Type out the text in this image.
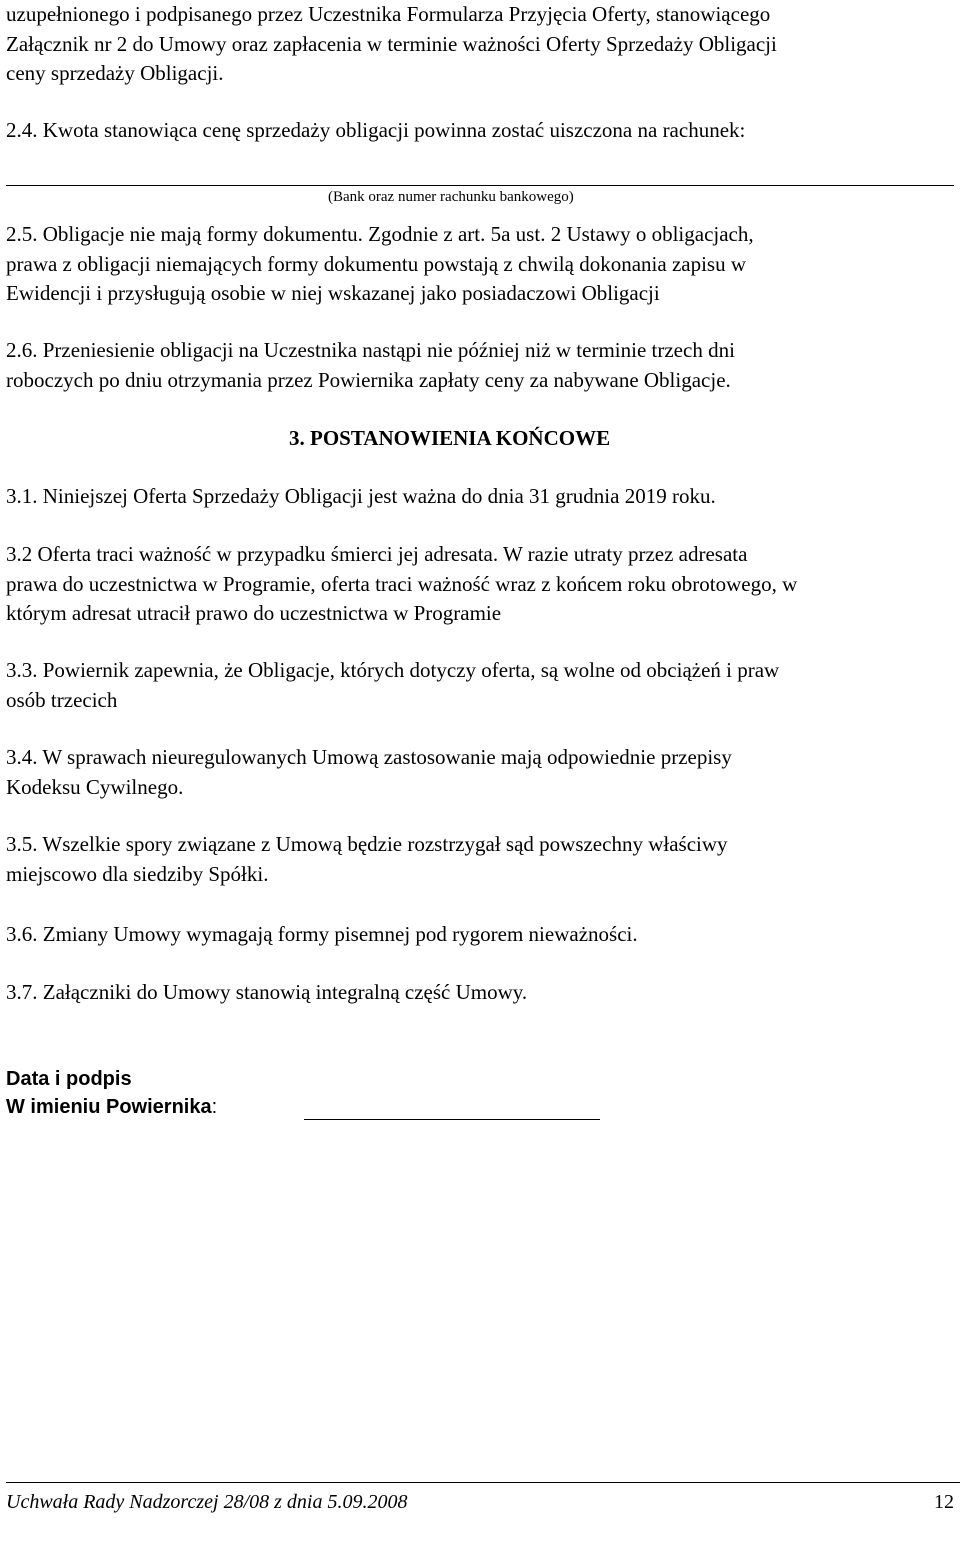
uzupełnionego i podpisanego przez Uczestnika Formularza Przyjęcia Oferty, stanowiącego
Załącznik nr 2 do Umowy oraz zapłacenia w terminie ważności Oferty Sprzedaży Obligacji
ceny sprzedaży Obligacji.
2.4. Kwota stanowiąca cenę sprzedaży obligacji powinna zostać uiszczona na rachunek:
(Bank oraz numer rachunku bankowego)
2.5. Obligacje nie mają formy dokumentu. Zgodnie z art. 5a ust. 2 Ustawy o obligacjach,
prawa z obligacji niemających formy dokumentu powstają z chwilą dokonania zapisu w
Ewidencji i przysługują osobie w niej wskazanej jako posiadaczowi Obligacji
2.6. Przeniesienie obligacji na Uczestnika nastąpi nie później niż w terminie trzech dni
roboczych po dniu otrzymania przez Powiernika zapłaty ceny za nabywane Obligacje.
3. POSTANOWIENIA KOŃCOWE
3.1. Niniejszej Oferta Sprzedaży Obligacji jest ważna do dnia 31 grudnia 2019 roku.
3.2 Oferta traci ważność w przypadku śmierci jej adresata. W razie utraty przez adresata
prawa do uczestnictwa w Programie, oferta traci ważność wraz z końcem roku obrotowego, w
którym adresat utracił prawo do uczestnictwa w Programie
3.3. Powiernik zapewnia, że Obligacje, których dotyczy oferta, są wolne od obciążeń i praw
osób trzecich
3.4. W sprawach nieuregulowanych Umową zastosowanie mają odpowiednie przepisy
Kodeksu Cywilnego.
3.5. Wszelkie spory związane z Umową będzie rozstrzygał sąd powszechny właściwy
miejscowo dla siedziby Spółki.
3.6. Zmiany Umowy wymagają formy pisemnej pod rygorem nieważności.
3.7. Załączniki do Umowy stanowią integralną część Umowy.
Data i podpis
W imieniu Powiernika:
Uchwała Rady Nadzorczej 28/08 z dnia 5.09.2008	12
